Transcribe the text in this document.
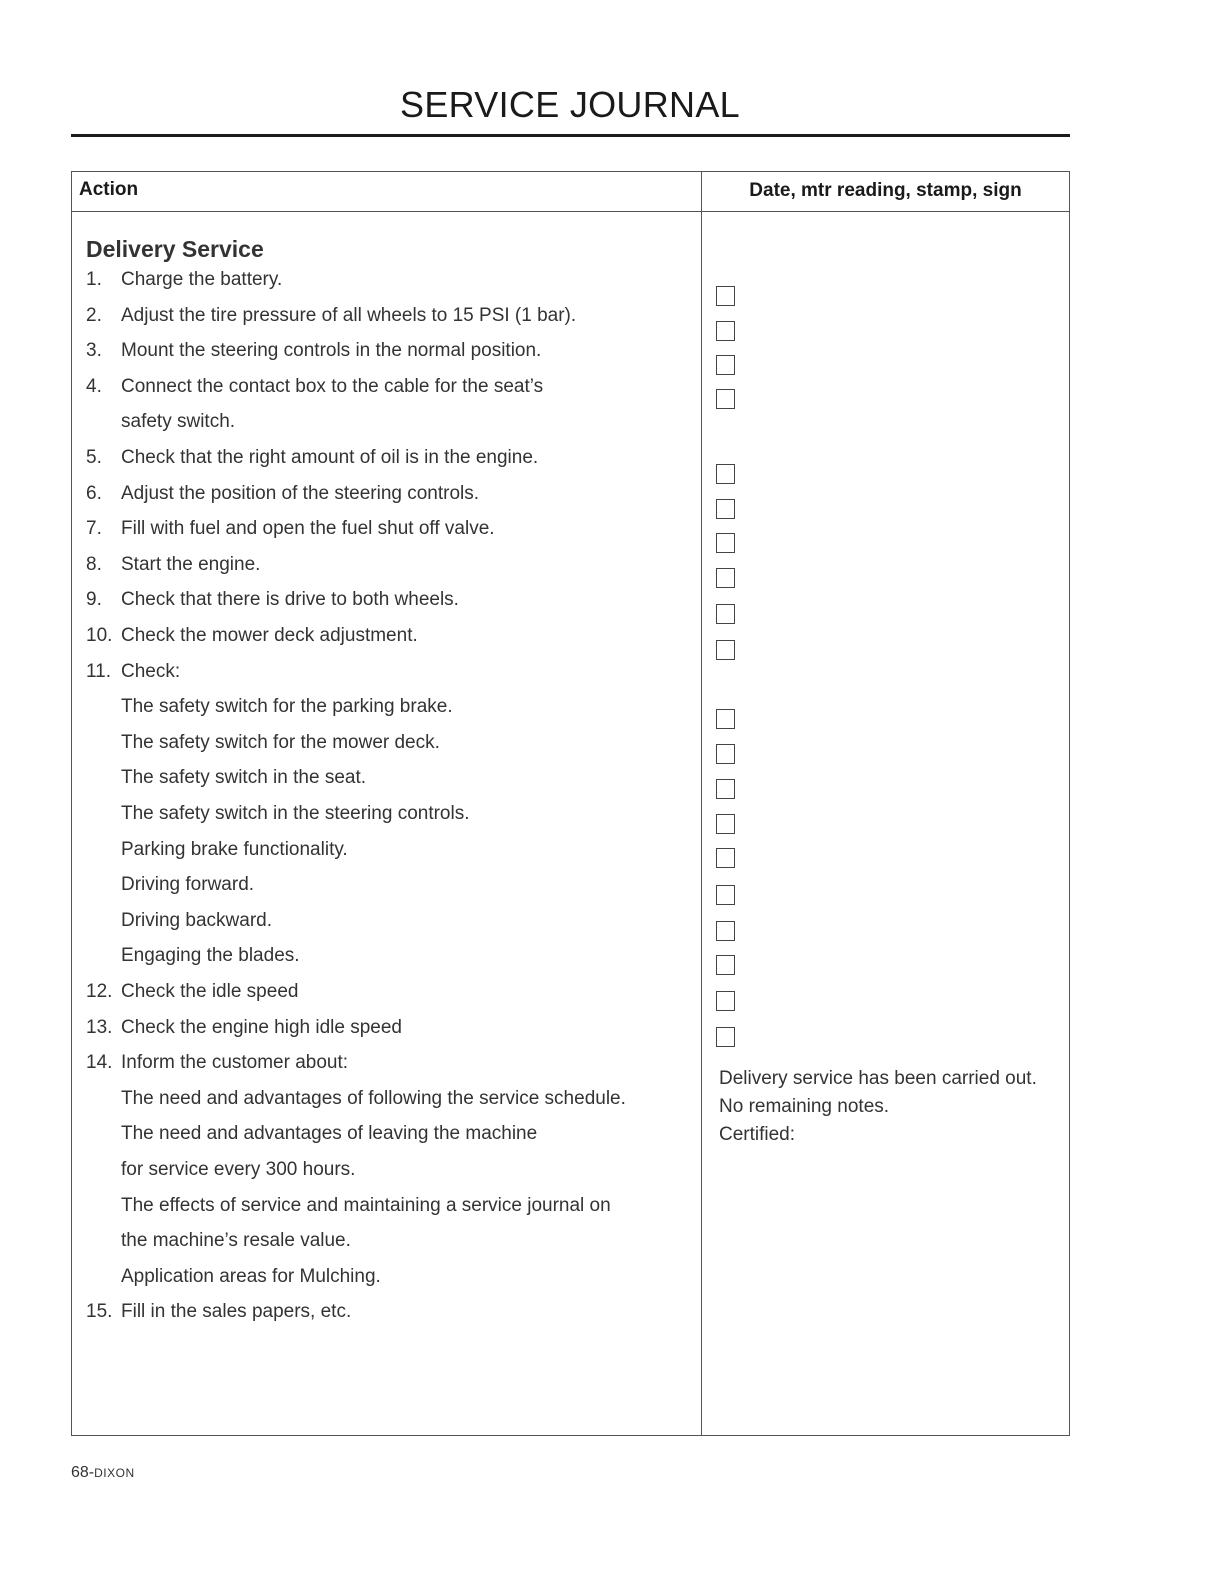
SERVICE JOURNAL
Action	Date, mtr reading, stamp, sign
Delivery Service
1. Charge the battery.
2. Adjust the tire pressure of all wheels to 15 PSI (1 bar).
3. Mount the steering controls in the normal position.
4. Connect the contact box to the cable for the seat’s
safety switch.
5. Check that the right amount of oil is in the engine.
6. Adjust the position of the steering controls.
7. Fill with fuel and open the fuel shut off valve.
8. Start the engine.
9. Check that there is drive to both wheels.
10. Check the mower deck adjustment.
11. Check:
The safety switch for the parking brake.
The safety switch for the mower deck.
The safety switch in the seat.
The safety switch in the steering controls.
Parking brake functionality.
Driving forward.
Driving backward.
Engaging the blades.
12. Check the idle speed
13. Check the engine high idle speed
14. Inform the customer about:
The need and advantages of following the service schedule.
The need and advantages of leaving the machine
for service every 300 hours.
The effects of service and maintaining a service journal on
the machine’s resale value.
Application areas for Mulching.
15. Fill in the sales papers, etc.
Delivery service has been carried out.
No remaining notes.
Certified:
68-DIXON
